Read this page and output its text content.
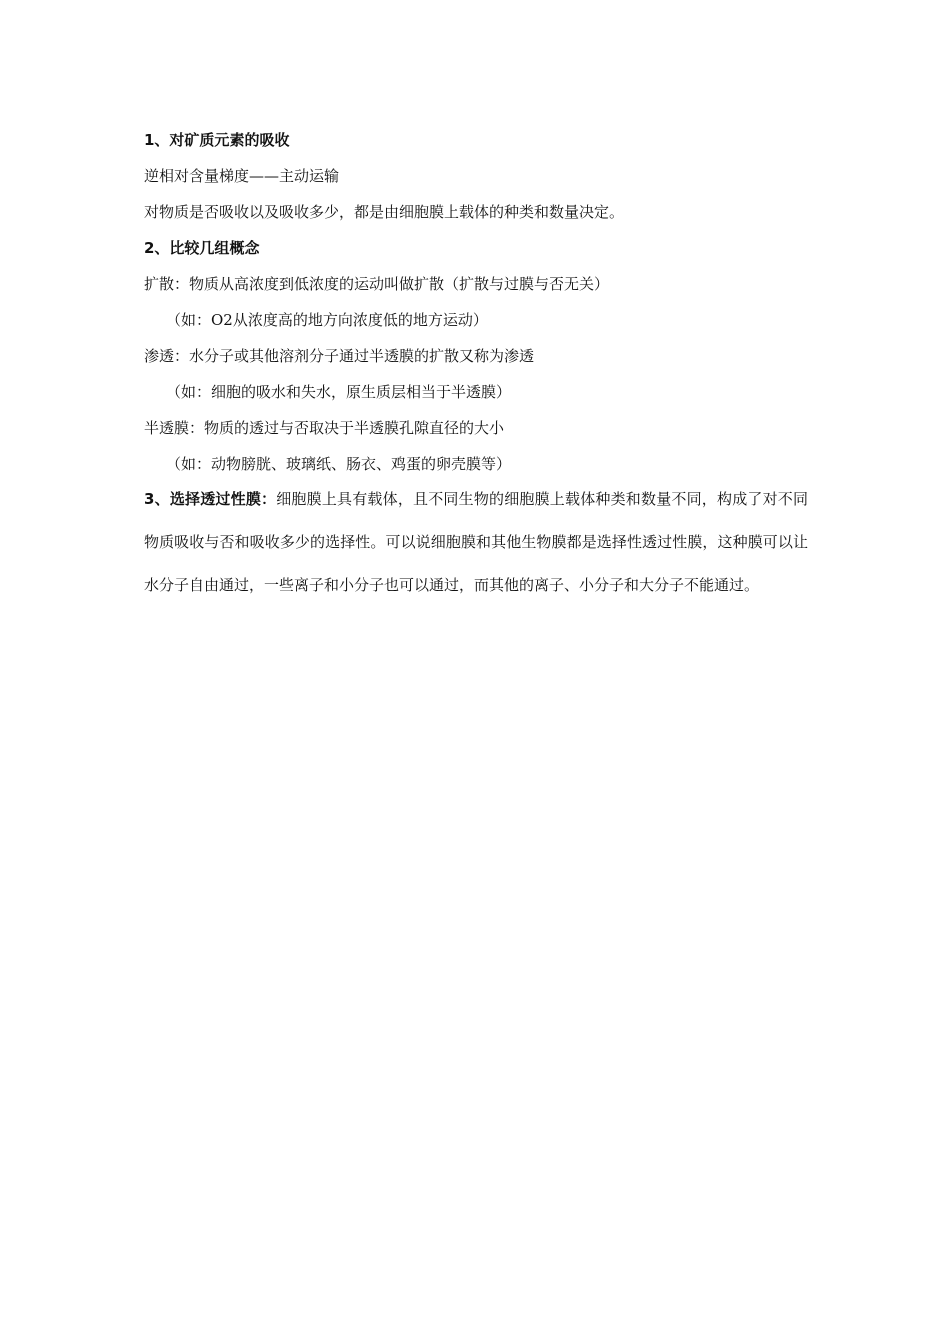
1、对矿质元素的吸收
逆相对含量梯度——主动运输
对物质是否吸收以及吸收多少，都是由细胞膜上载体的种类和数量决定。
2、比较几组概念
扩散：物质从高浓度到低浓度的运动叫做扩散（扩散与过膜与否无关）
（如：O2从浓度高的地方向浓度低的地方运动）
渗透：水分子或其他溶剂分子通过半透膜的扩散又称为渗透
（如：细胞的吸水和失水，原生质层相当于半透膜）
半透膜：物质的透过与否取决于半透膜孔隙直径的大小
（如：动物膀胱、玻璃纸、肠衣、鸡蛋的卵壳膜等）
3、选择透过性膜：细胞膜上具有载体，且不同生物的细胞膜上载体种类和数量不同，构成了对不同物质吸收与否和吸收多少的选择性。可以说细胞膜和其他生物膜都是选择性透过性膜，这种膜可以让水分子自由通过，一些离子和小分子也可以通过，而其他的离子、小分子和大分子不能通过。
